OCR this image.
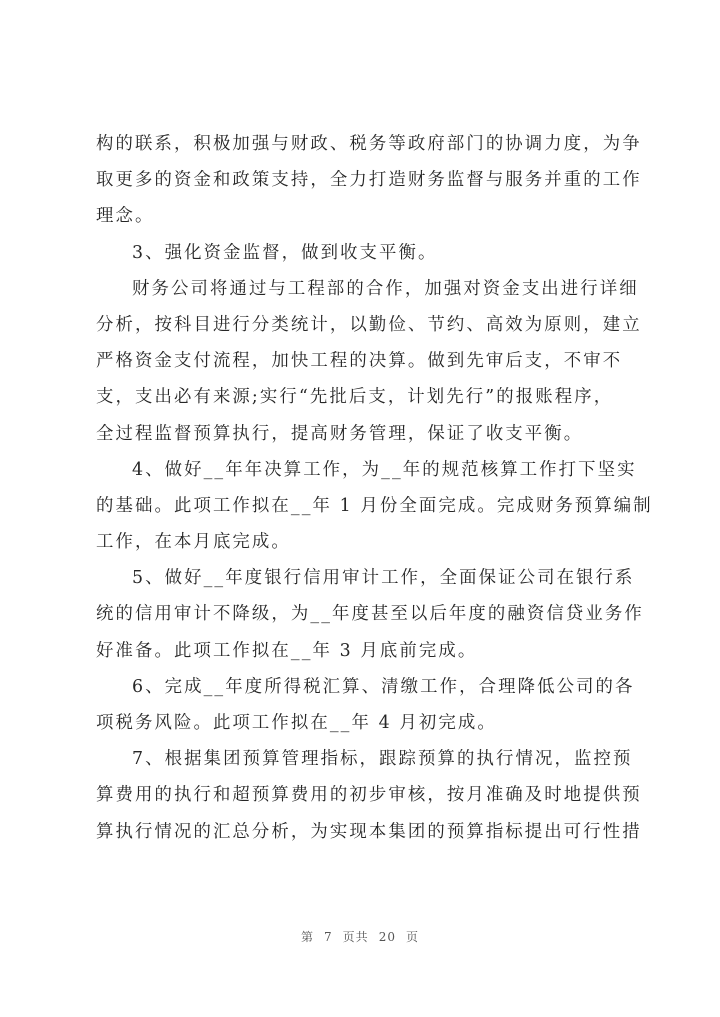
构的联系，积极加强与财政、税务等政府部门的协调力度，为争
取更多的资金和政策支持，全力打造财务监督与服务并重的工作
理念。

3、强化资金监督，做到收支平衡。

财务公司将通过与工程部的合作，加强对资金支出进行详细
分析，按科目进行分类统计，以勤俭、节约、高效为原则，建立
严格资金支付流程，加快工程的决算。做到先审后支，不审不
支，支出必有来源;实行“先批后支，计划先行”的报账程序，
全过程监督预算执行，提高财务管理，保证了收支平衡。

4、做好__年年决算工作，为__年的规范核算工作打下坚实
的基础。此项工作拟在__年 1 月份全面完成。完成财务预算编制
工作，在本月底完成。

5、做好__年度银行信用审计工作，全面保证公司在银行系
统的信用审计不降级，为__年度甚至以后年度的融资信贷业务作
好准备。此项工作拟在__年 3 月底前完成。

6、完成__年度所得税汇算、清缴工作，合理降低公司的各
项税务风险。此项工作拟在__年 4 月初完成。

7、根据集团预算管理指标，跟踪预算的执行情况，监控预
算费用的执行和超预算费用的初步审核，按月准确及时地提供预
算执行情况的汇总分析，为实现本集团的预算指标提出可行性措

第 7 页共 20 页
